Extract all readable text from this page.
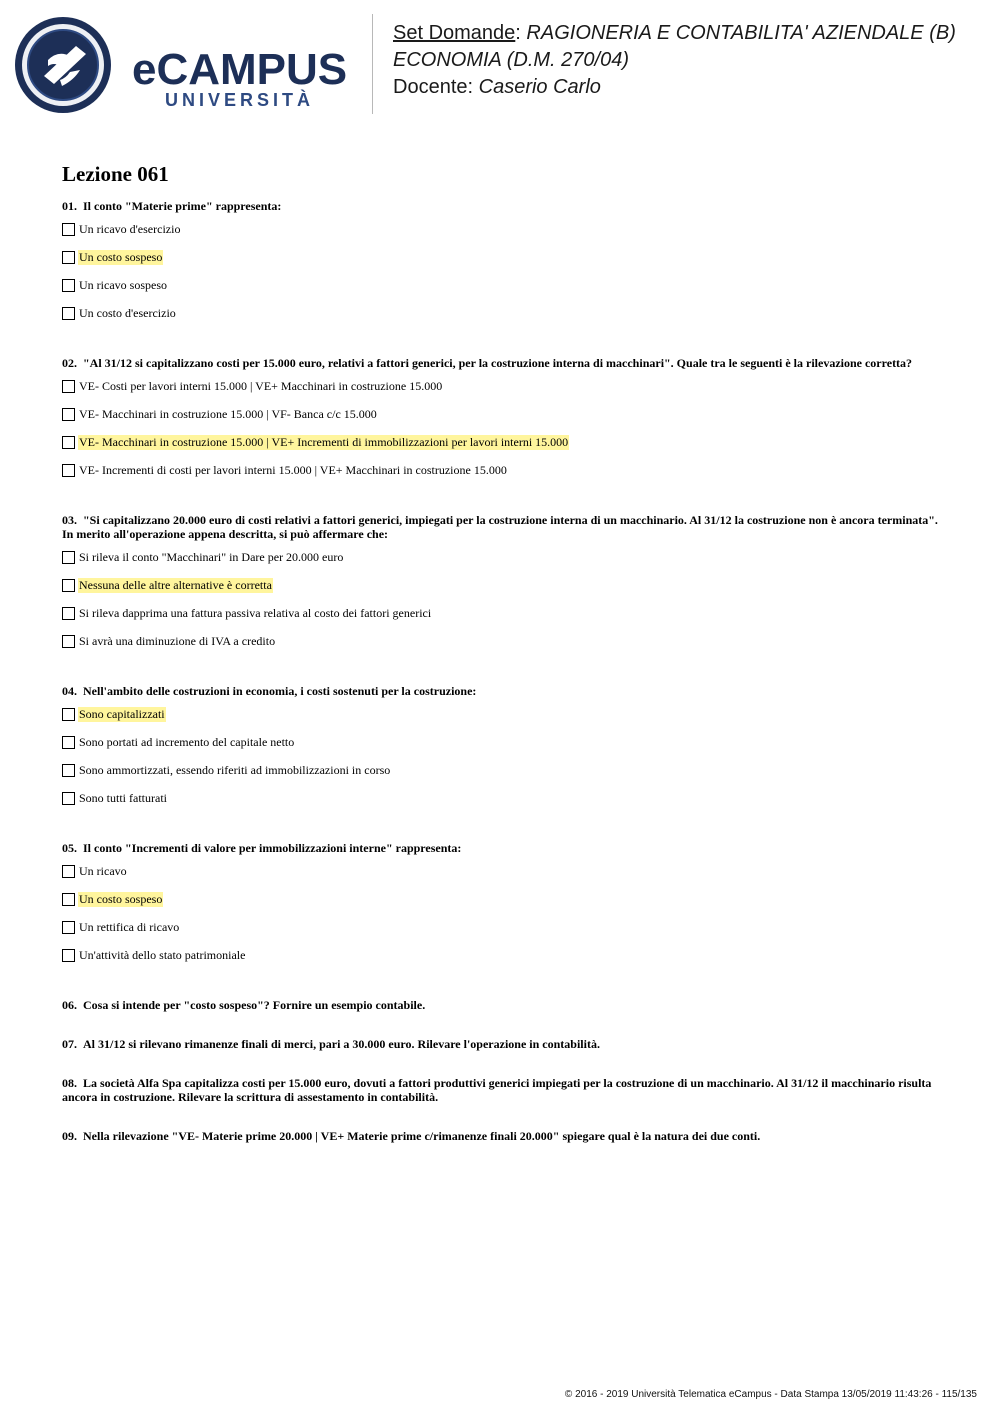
eCAMPUS
UNIVERSITÀ
Set Domande: RAGIONERIA E CONTABILITA' AZIENDALE (B)
ECONOMIA (D.M. 270/04)
Docente: Caserio Carlo
Lezione 061
01. Il conto "Materie prime" rappresenta:
Un ricavo d'esercizio
Un costo sospeso
Un ricavo sospeso
Un costo d'esercizio
02. "Al 31/12 si capitalizzano costi per 15.000 euro, relativi a fattori generici, per la costruzione interna di macchinari". Quale tra le seguenti è la rilevazione corretta?
VE- Costi per lavori interni 15.000 | VE+ Macchinari in costruzione 15.000
VE- Macchinari in costruzione 15.000 | VF- Banca c/c 15.000
VE- Macchinari in costruzione 15.000 | VE+ Incrementi di immobilizzazioni per lavori interni 15.000
VE- Incrementi di costi per lavori interni 15.000 | VE+ Macchinari in costruzione 15.000
03. "Si capitalizzano 20.000 euro di costi relativi a fattori generici, impiegati per la costruzione interna di un macchinario. Al 31/12 la costruzione non è ancora terminata". In merito all'operazione appena descritta, si può affermare che:
Si rileva il conto "Macchinari" in Dare per 20.000 euro
Nessuna delle altre alternative è corretta
Si rileva dapprima una fattura passiva relativa al costo dei fattori generici
Si avrà una diminuzione di IVA a credito
04. Nell'ambito delle costruzioni in economia, i costi sostenuti per la costruzione:
Sono capitalizzati
Sono portati ad incremento del capitale netto
Sono ammortizzati, essendo riferiti ad immobilizzazioni in corso
Sono tutti fatturati
05. Il conto "Incrementi di valore per immobilizzazioni interne" rappresenta:
Un ricavo
Un costo sospeso
Un rettifica di ricavo
Un'attività dello stato patrimoniale
06. Cosa si intende per "costo sospeso"? Fornire un esempio contabile.
07. Al 31/12 si rilevano rimanenze finali di merci, pari a 30.000 euro. Rilevare l'operazione in contabilità.
08. La società Alfa Spa capitalizza costi per 15.000 euro, dovuti a fattori produttivi generici impiegati per la costruzione di un macchinario. Al 31/12 il macchinario risulta ancora in costruzione. Rilevare la scrittura di assestamento in contabilità.
09. Nella rilevazione "VE- Materie prime 20.000 | VE+ Materie prime c/rimanenze finali 20.000" spiegare qual è la natura dei due conti.
© 2016 - 2019 Università Telematica eCampus - Data Stampa 13/05/2019 11:43:26 - 115/135
